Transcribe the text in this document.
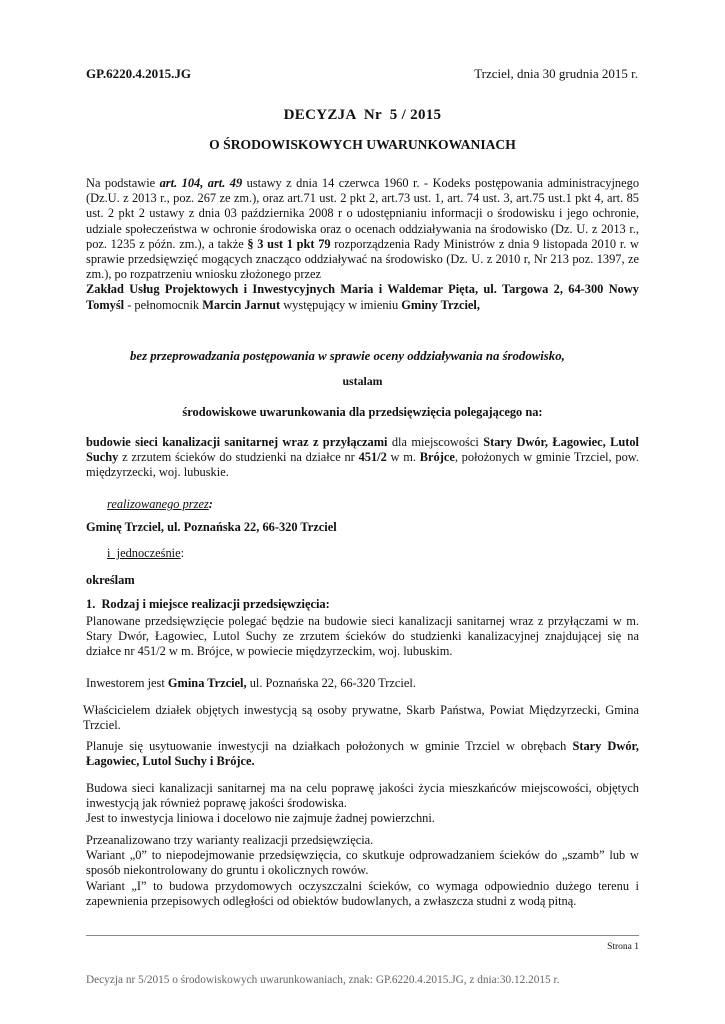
GP.6220.4.2015.JG	Trzciel, dnia 30 grudnia 2015 r.
DECYZJA  Nr  5 / 2015
O ŚRODOWISKOWYCH UWARUNKOWANIACH
Na podstawie art. 104, art. 49 ustawy z dnia 14 czerwca 1960 r. - Kodeks postępowania administracyjnego (Dz.U. z 2013 r., poz. 267 ze zm.), oraz art.71 ust. 2 pkt 2, art.73 ust. 1, art. 74 ust. 3, art.75 ust.1 pkt 4, art. 85 ust. 2 pkt 2 ustawy z dnia 03 października 2008 r o udostępnianiu informacji o środowisku i jego ochronie, udziale społeczeństwa w ochronie środowiska oraz o ocenach oddziaływania na środowisko (Dz. U. z 2013 r., poz. 1235 z późn. zm.), a także § 3 ust 1 pkt 79 rozporządzenia Rady Ministrów z dnia 9 listopada 2010 r. w sprawie przedsięwzięć mogących znacząco oddziaływać na środowisko (Dz. U. z 2010 r, Nr 213 poz. 1397, ze zm.), po rozpatrzeniu wniosku złożonego przez
Zakład Usług Projektowych i Inwestycyjnych Maria i Waldemar Pięta, ul. Targowa 2, 64-300 Nowy Tomyśl - pełnomocnik Marcin Jarnut występujący w imieniu Gminy Trzciel,
bez przeprowadzania postępowania w sprawie oceny oddziaływania na środowisko,
ustalam
środowiskowe uwarunkowania dla przedsięwzięcia polegającego na:
budowie sieci kanalizacji sanitarnej wraz z przyłączami dla miejscowości Stary Dwór, Łagowiec, Lutol Suchy z zrzutem ścieków do studzienki na działce nr 451/2 w m. Brójce, położonych w gminie Trzciel, pow. międzyrzecki, woj. lubuskie.
realizowanego przez:
Gminę Trzciel, ul. Poznańska 22, 66-320 Trzciel
i  jednocześnie:
określam
1.  Rodzaj i miejsce realizacji przedsięwzięcia:
Planowane przedsięwzięcie polegać będzie na budowie sieci kanalizacji sanitarnej wraz z przyłączami w m. Stary Dwór, Łagowiec, Lutol Suchy ze zrzutem ścieków do studzienki kanalizacyjnej znajdującej się na działce nr 451/2 w m. Brójce, w powiecie międzyrzeckim, woj. lubuskim.
Inwestorem jest Gmina Trzciel, ul. Poznańska 22, 66-320 Trzciel.
Właścicielem działek objętych inwestycją są osoby prywatne, Skarb Państwa, Powiat Międzyrzecki, Gmina Trzciel.
Planuje się usytuowanie inwestycji na działkach położonych w gminie Trzciel w obrębach Stary Dwór, Łagowiec, Lutol Suchy i Brójce.
Budowa sieci kanalizacji sanitarnej ma na celu poprawę jakości życia mieszkańców miejscowości, objętych inwestycją jak również poprawę jakości środowiska.
Jest to inwestycja liniowa i docelowo nie zajmuje żadnej powierzchni.
Przeanalizowano trzy warianty realizacji przedsięwzięcia.
Wariant „0” to niepodejmowanie przedsięwzięcia, co skutkuje odprowadzaniem ścieków do „szamb” lub w sposób niekontrolowany do gruntu i okolicznych rowów.
Wariant „I” to budowa przydomowych oczyszczalni ścieków, co wymaga odpowiednio dużego terenu i zapewnienia przepisowych odległości od obiektów budowlanych, a zwłaszcza studni z wodą pitną.
Strona 1
Decyzja nr 5/2015 o środowiskowych uwarunkowaniach, znak: GP.6220.4.2015.JG, z dnia:30.12.2015 r.
